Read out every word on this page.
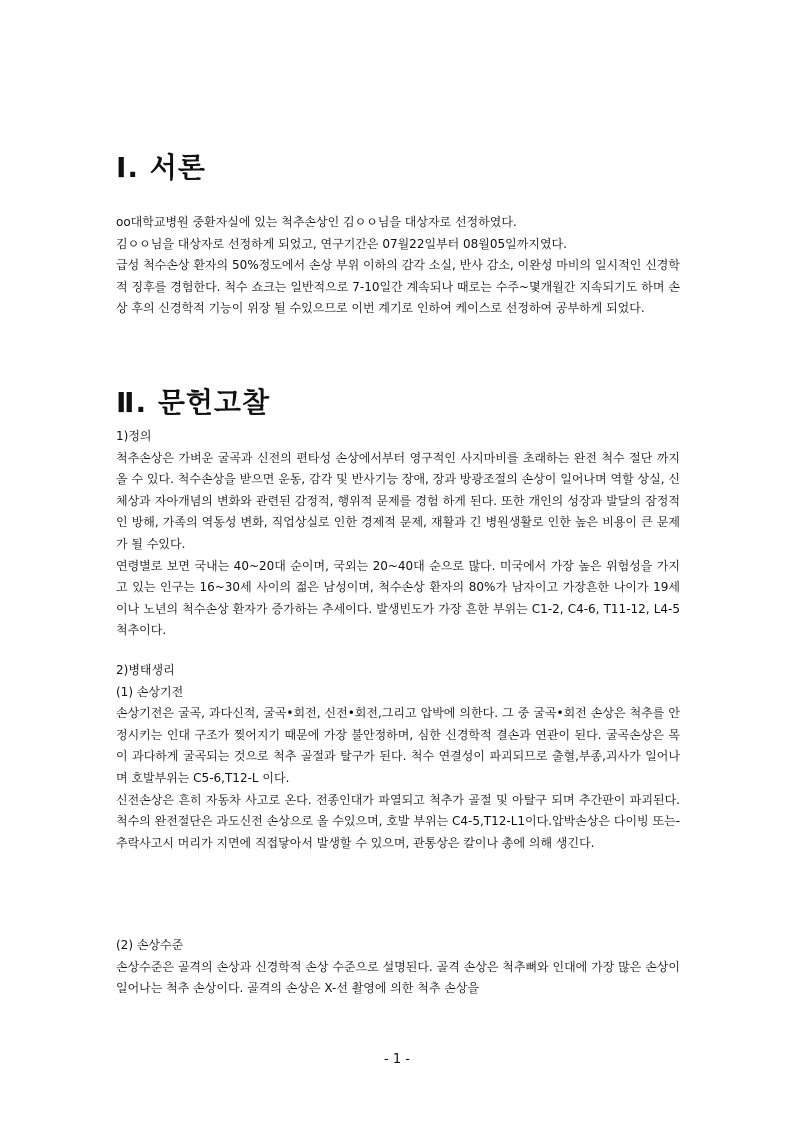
Ⅰ. 서론

oo대학교병원 중환자실에 있는 척추손상인 김ㅇㅇ님을 대상자로 선정하였다.

김ㅇㅇ님을 대상자로 선정하게 되었고, 연구기간은 07월22일부터 08월05일까지였다.

급성 척수손상 환자의 50%정도에서 손상 부위 이하의 감각 소실, 반사 감소, 이완성 마비의 일시적인 신경학적 징후를 경험한다. 척수 쇼크는 일반적으로 7-10일간 계속되나 때로는 수주~몇개월간 지속되기도 하며 손상 후의 신경학적 기능이 위장 될 수있으므로 이번 계기로 인하여 케이스로 선정하여 공부하게 되었다.

Ⅱ. 문헌고찰

1)정의

척추손상은 가벼운 굴곡과 신전의 편타성 손상에서부터 영구적인 사지마비를 초래하는 완전 척수 절단 까지 올 수 있다. 척수손상을 받으면 운동, 감각 및 반사기능 장애, 장과 방광조절의 손상이 일어나며 역할 상실, 신체상과 자아개념의 변화와 관련된 감정적, 행위적 문제를 경험 하게 된다. 또한 개인의 성장과 발달의 잠정적인 방해, 가족의 역동성 변화, 직업상실로 인한 경제적 문제, 재활과 긴 병원생활로 인한 높은 비용이 큰 문제가 될 수있다.

연령별로 보면 국내는 40~20대 순이며, 국외는 20~40대 순으로 많다. 미국에서 가장 높은 위험성을 가지고 있는 인구는 16~30세 사이의 젊은 남성이며, 척수손상 환자의 80%가 남자이고 가장흔한 나이가 19세이나 노년의 척수손상 환자가 증가하는 추세이다. 발생빈도가 가장 흔한 부위는 C1-2, C4-6, T11-12, L4-5 척추이다.

2)병태생리

(1) 손상기전

손상기전은 굴곡, 과다신적, 굴곡•회전, 신전•회전,그리고 압박에 의한다. 그 중 굴곡•회전 손상은 척추를 안정시키는 인대 구조가 찢어지기 때문에 가장 불안정하며, 심한 신경학적 결손과 연관이 된다. 굴곡손상은 목이 과다하게 굴곡되는 것으로 척추 골절과 탈구가 된다. 척수 연결성이 파괴되므로 출혈,부종,괴사가 일어나며 호발부위는 C5-6,T12-L 이다.

신전손상은 흔히 자동차 사고로 온다. 전종인대가 파열되고 척추가 골절 및 아탈구 되며 추간판이 파괴된다. 척수의 완전절단은 과도신전 손상으로 올 수있으며, 호발 부위는 C4-5,T12-L1이다.압박손상은 다이빙 또는- 추락사고시 머리가 지면에 직접닿아서 발생할 수 있으며, 관통상은 칼이나 총에 의해 생긴다.

(2) 손상수준

손상수준은 골격의 손상과 신경학적 손상 수준으로 설명된다. 골격 손상은 척추뼈와 인대에 가장 많은 손상이 일어나는 척추 손상이다. 골격의 손상은 X-선 촬영에 의한 척추 손상을

- 1 -
